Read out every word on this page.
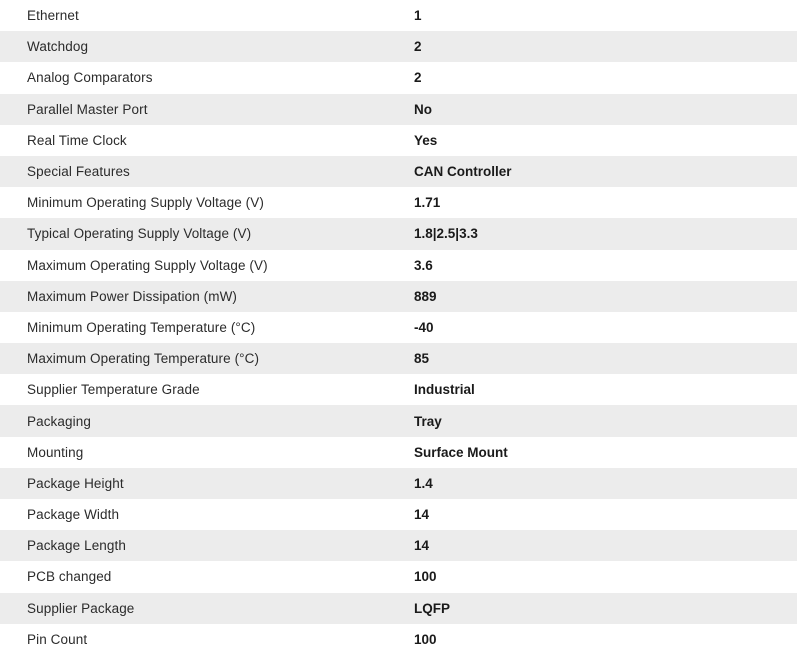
Ethernet	1
Watchdog	2
Analog Comparators	2
Parallel Master Port	No
Real Time Clock	Yes
Special Features	CAN Controller
Minimum Operating Supply Voltage (V)	1.71
Typical Operating Supply Voltage (V)	1.8|2.5|3.3
Maximum Operating Supply Voltage (V)	3.6
Maximum Power Dissipation (mW)	889
Minimum Operating Temperature (°C)	-40
Maximum Operating Temperature (°C)	85
Supplier Temperature Grade	Industrial
Packaging	Tray
Mounting	Surface Mount
Package Height	1.4
Package Width	14
Package Length	14
PCB changed	100
Supplier Package	LQFP
Pin Count	100
